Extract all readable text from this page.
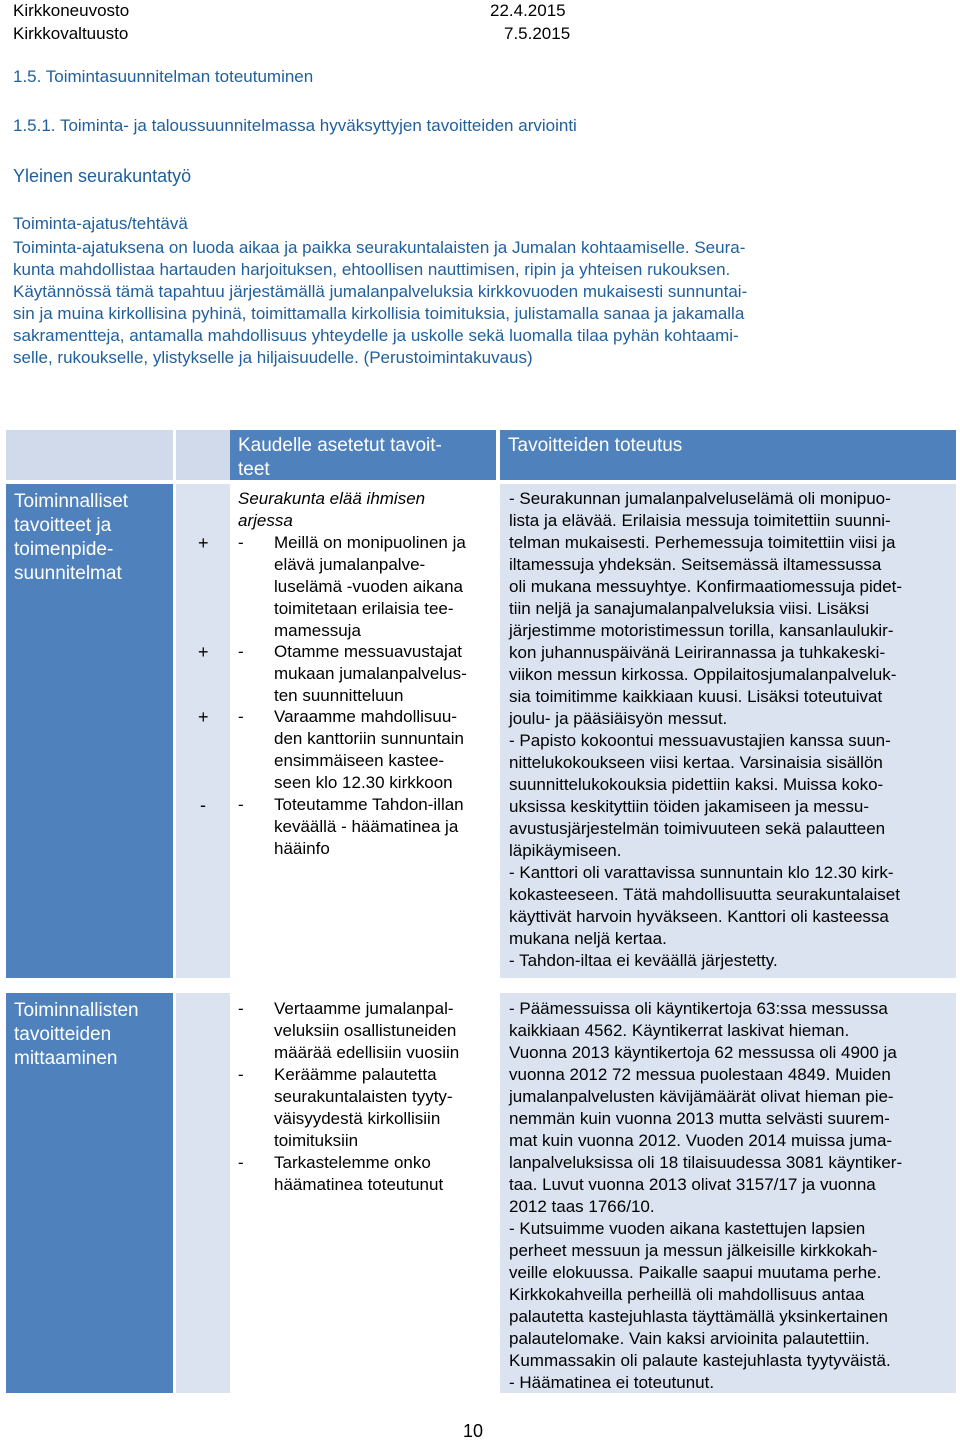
Kirkkoneuvosto	22.4.2015
Kirkkovaltuusto	7.5.2015
1.5. Toimintasuunnitelman toteutuminen
1.5.1. Toiminta- ja taloussuunnitelmassa hyväksyttyjen tavoitteiden arviointi
Yleinen seurakuntatyö
Toiminta-ajatus/tehtävä
Toiminta-ajatuksena on luoda aikaa ja paikka seurakuntalaisten ja Jumalan kohtaamiselle. Seura-
kunta mahdollistaa hartauden harjoituksen, ehtoollisen nauttimisen, ripin ja yhteisen rukouksen.
Käytännössä tämä tapahtuu järjestämällä jumalanpalveluksia kirkkovuoden mukaisesti sunnuntai-
sin ja muina kirkollisina pyhinä, toimittamalla kirkollisia toimituksia, julistamalla sanaa ja jakamalla
sakramentteja, antamalla mahdollisuus yhteydelle ja uskolle sekä luomalla tilaa pyhän kohtaami-
selle, rukoukselle, ylistykselle ja hiljaisuudelle. (Perustoimintakuvaus)
Kaudelle asetetut tavoit-
teet
Tavoitteiden toteutus
Toiminnalliset
tavoitteet ja
toimenpide-
suunnitelmat
+
+
+
-
Seurakunta elää ihmisen
arjessa
- Meillä on monipuolinen ja
elävä jumalanpalve-
luselämä -vuoden aikana
toimitetaan erilaisia tee-
mamessuja
- Otamme messuavustajat
mukaan jumalanpalvelus-
ten suunnitteluun
- Varaamme mahdollisuu-
den kanttoriin sunnuntain
ensimmäiseen kastee-
seen klo 12.30 kirkkoon
- Toteutamme Tahdon-illan
keväällä - häämatinea ja
hääinfo
- Seurakunnan jumalanpalveluselämä oli monipuo-
lista ja elävää. Erilaisia messuja toimitettiin suunni-
telman mukaisesti. Perhemessuja toimitettiin viisi ja
iltamessuja yhdeksän. Seitsemässä iltamessussa
oli mukana messuyhtye. Konfirmaatiomessuja pidet-
tiin neljä ja sanajumalanpalveluksia viisi. Lisäksi
järjestimme motoristimessun torilla, kansanlaulukir-
kon juhannuspäivänä Leirirannassa ja tuhkakeski-
viikon messun kirkossa. Oppilaitosjumalanpalveluk-
sia toimitimme kaikkiaan kuusi. Lisäksi toteutuivat
joulu- ja pääsiäisyön messut.
- Papisto kokoontui messuavustajien kanssa suun-
nittelukokoukseen viisi kertaa. Varsinaisia sisällön
suunnittelukokouksia pidettiin kaksi. Muissa koko-
uksissa keskityttiin töiden jakamiseen ja messu-
avustusjärjestelmän toimivuuteen sekä palautteen
läpikäymiseen.
- Kanttori oli varattavissa sunnuntain klo 12.30 kirk-
kokasteeseen. Tätä mahdollisuutta seurakuntalaiset
käyttivät harvoin hyväkseen. Kanttori oli kasteessa
mukana neljä kertaa.
- Tahdon-iltaa ei keväällä järjestetty.
Toiminnallisten
tavoitteiden
mittaaminen
- Vertaamme jumalanpal-
veluksiin osallistuneiden
määrää edellisiin vuosiin
- Keräämme palautetta
seurakuntalaisten tyyty-
väisyydestä kirkollisiin
toimituksiin
- Tarkastelemme onko
häämatinea toteutunut
- Päämessuissa oli käyntikertoja 63:ssa messussa
kaikkiaan 4562. Käyntikerrat laskivat hieman.
Vuonna 2013 käyntikertoja 62 messussa oli 4900 ja
vuonna 2012 72 messua puolestaan 4849. Muiden
jumalanpalvelusten kävijämäärät olivat hieman pie-
nemmän kuin vuonna 2013 mutta selvästi suurem-
mat kuin vuonna 2012. Vuoden 2014 muissa juma-
lanpalveluksissa oli 18 tilaisuudessa 3081 käyntiker-
taa. Luvut vuonna 2013 olivat 3157/17 ja vuonna
2012 taas 1766/10.
- Kutsuimme vuoden aikana kastettujen lapsien
perheet messuun ja messun jälkeisille kirkkokah-
veille elokuussa. Paikalle saapui muutama perhe.
Kirkkokahveilla perheillä oli mahdollisuus antaa
palautetta kastejuhlasta täyttämällä yksinkertainen
palautelomake. Vain kaksi arvioinita palautettiin.
Kummassakin oli palaute kastejuhlasta tyytyväistä.
- Häämatinea ei toteutunut.
10
